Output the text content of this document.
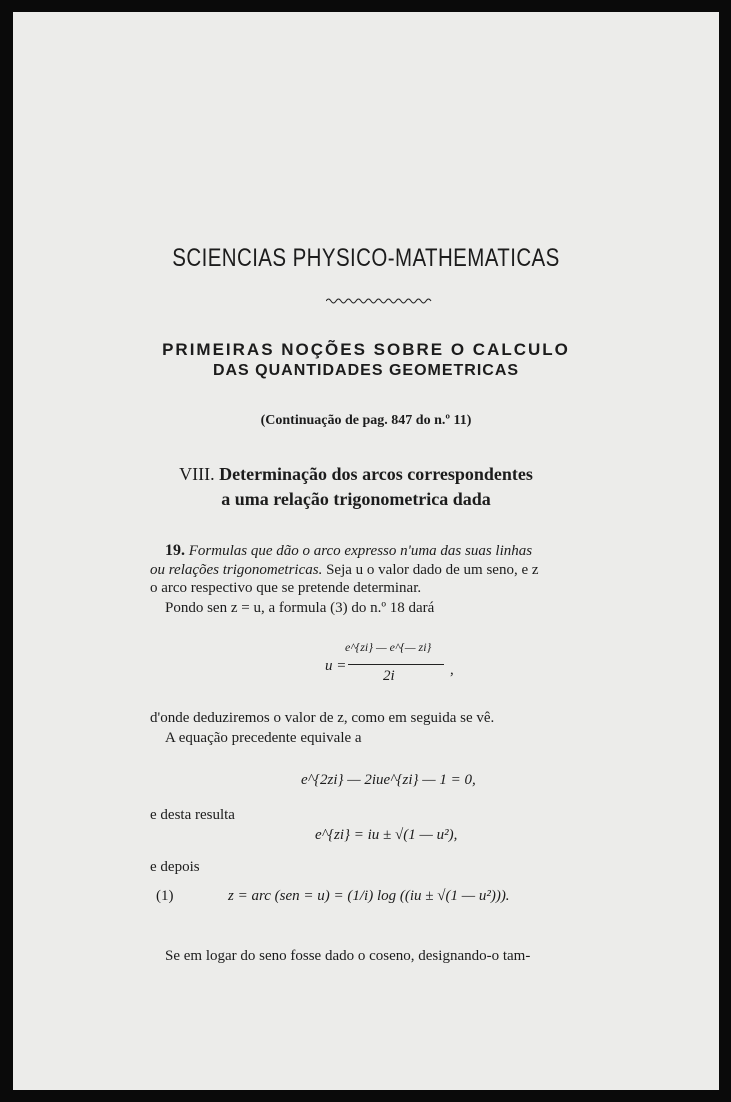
SCIENCIAS PHYSICO-MATHEMATICAS
PRIMEIRAS NOÇÕES SOBRE O CALCULO
DAS QUANTIDADES GEOMETRICAS
(Continuação de pag. 847 do n.º 11)
VIII. Determinação dos arcos correspondentes
a uma relação trigonometrica dada
19. Formulas que dão o arco expresso n'uma das suas linhas
ou relações trigonometricas. Seja u o valor dado de um seno, e z
o arco respectivo que se pretende determinar.
Pondo sen z = u, a formula (3) do n.º 18 dará
e^{zi} — e^{— zi}
u =
2i	,
d'onde deduziremos o valor de z, como em seguida se vê.
A equação precedente equivale a
e^{2zi} — 2iue^{zi} — 1 = 0,
e desta resulta
e^{zi} = iu ± √(1 — u²),
e depois
(1)	z = arc (sen = u) = (1/i) log ((iu ± √(1 — u²))).
Se em logar do seno fosse dado o coseno, designando-o tam-
